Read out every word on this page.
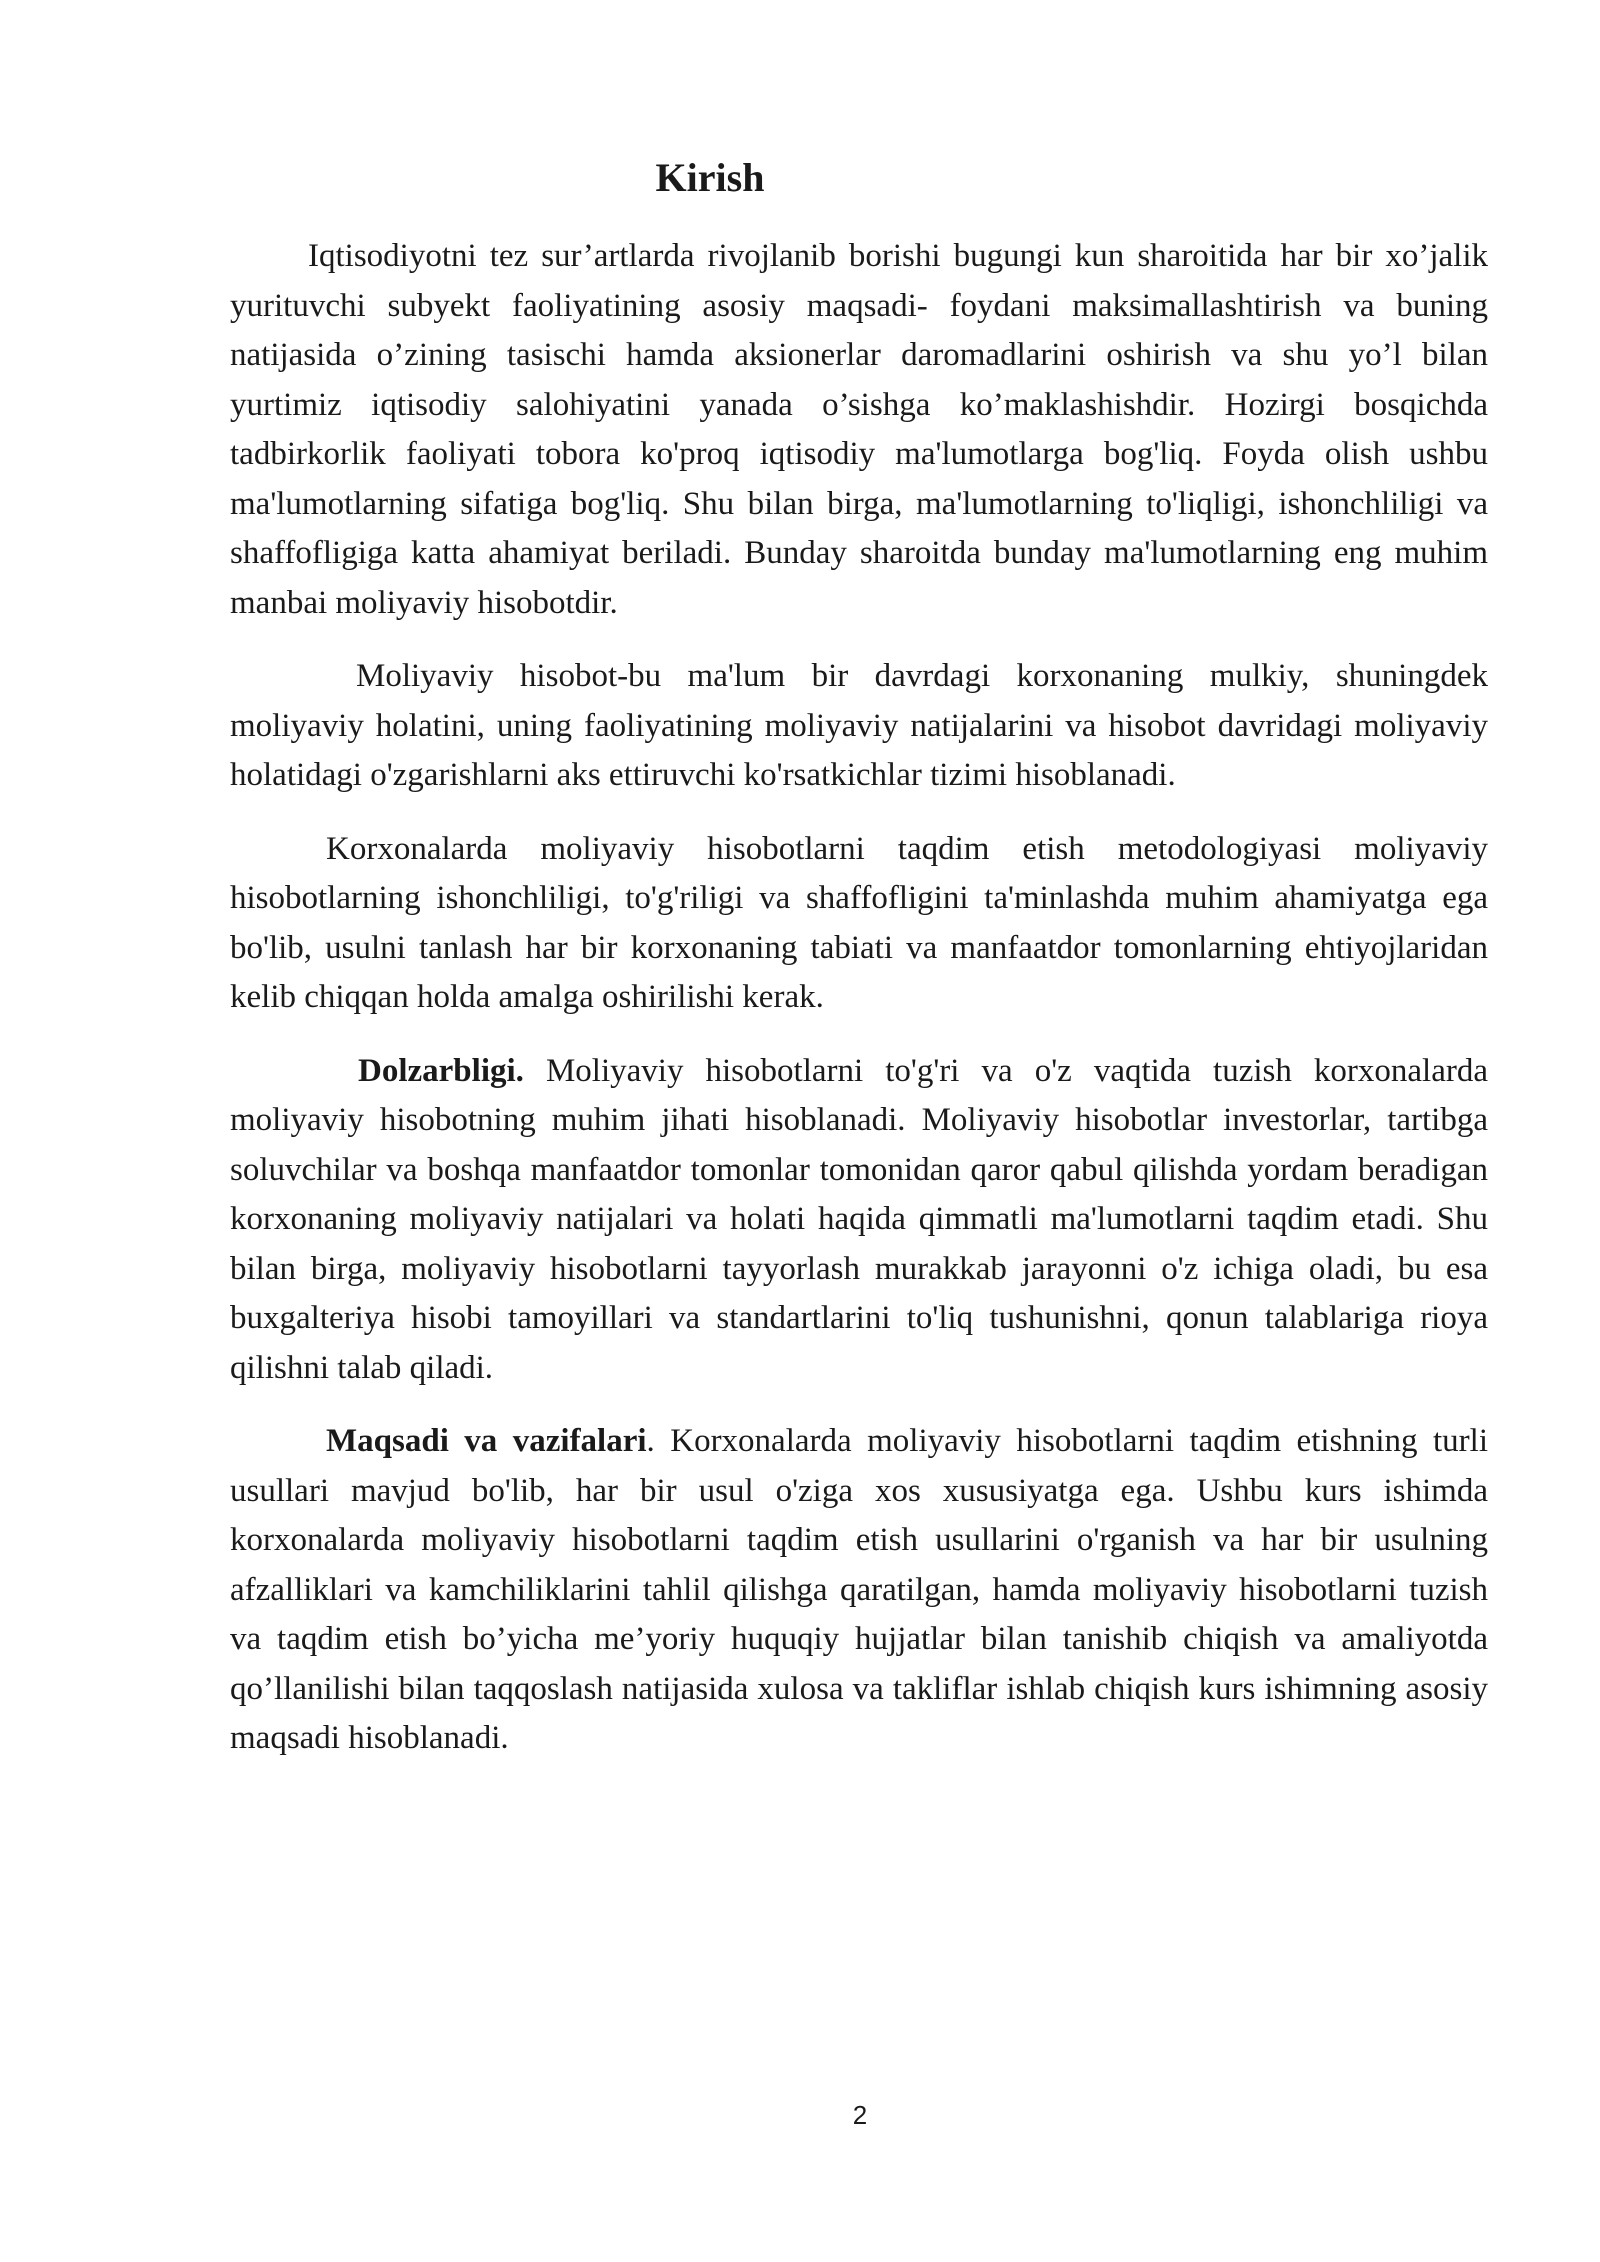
Kirish

Iqtisodiyotni tez sur’artlarda rivojlanib borishi bugungi kun sharoitida har bir xo’jalik yurituvchi subyekt faoliyatining asosiy maqsadi- foydani maksimallashtirish va buning natijasida o’zining tasischi hamda aksionerlar daromadlarini oshirish va shu yo’l bilan yurtimiz iqtisodiy salohiyatini yanada o’sishga ko’maklashishdir. Hozirgi bosqichda tadbirkorlik faoliyati tobora ko'proq iqtisodiy ma'lumotlarga bog'liq. Foyda olish ushbu ma'lumotlarning sifatiga bog'liq. Shu bilan birga, ma'lumotlarning to'liqligi, ishonchliligi va shaffofligiga katta ahamiyat beriladi. Bunday sharoitda bunday ma'lumotlarning eng muhim manbai moliyaviy hisobotdir.

Moliyaviy hisobot-bu ma'lum bir davrdagi korxonaning mulkiy, shuningdek moliyaviy holatini, uning faoliyatining moliyaviy natijalarini va hisobot davridagi moliyaviy holatidagi o'zgarishlarni aks ettiruvchi ko'rsatkichlar tizimi hisoblanadi.

Korxonalarda moliyaviy hisobotlarni taqdim etish metodologiyasi moliyaviy hisobotlarning ishonchliligi, to'g'riligi va shaffofligini ta'minlashda muhim ahamiyatga ega bo'lib, usulni tanlash har bir korxonaning tabiati va manfaatdor tomonlarning ehtiyojlaridan kelib chiqqan holda amalga oshirilishi kerak.

Dolzarbligi. Moliyaviy hisobotlarni to'g'ri va o'z vaqtida tuzish korxonalarda moliyaviy hisobotning muhim jihati hisoblanadi. Moliyaviy hisobotlar investorlar, tartibga soluvchilar va boshqa manfaatdor tomonlar tomonidan qaror qabul qilishda yordam beradigan korxonaning moliyaviy natijalari va holati haqida qimmatli ma'lumotlarni taqdim etadi. Shu bilan birga, moliyaviy hisobotlarni tayyorlash murakkab jarayonni o'z ichiga oladi, bu esa buxgalteriya hisobi tamoyillari va standartlarini to'liq tushunishni, qonun talablariga rioya qilishni talab qiladi.

Maqsadi va vazifalari. Korxonalarda moliyaviy hisobotlarni taqdim etishning turli usullari mavjud bo'lib, har bir usul o'ziga xos xususiyatga ega. Ushbu kurs ishimda korxonalarda moliyaviy hisobotlarni taqdim etish usullarini o'rganish va har bir usulning afzalliklari va kamchiliklarini tahlil qilishga qaratilgan, hamda moliyaviy hisobotlarni tuzish va taqdim etish bo’yicha me’yoriy huquqiy hujjatlar bilan tanishib chiqish va amaliyotda qo’llanilishi bilan taqqoslash natijasida xulosa va takliflar ishlab chiqish kurs ishimning asosiy maqsadi hisoblanadi.

2
